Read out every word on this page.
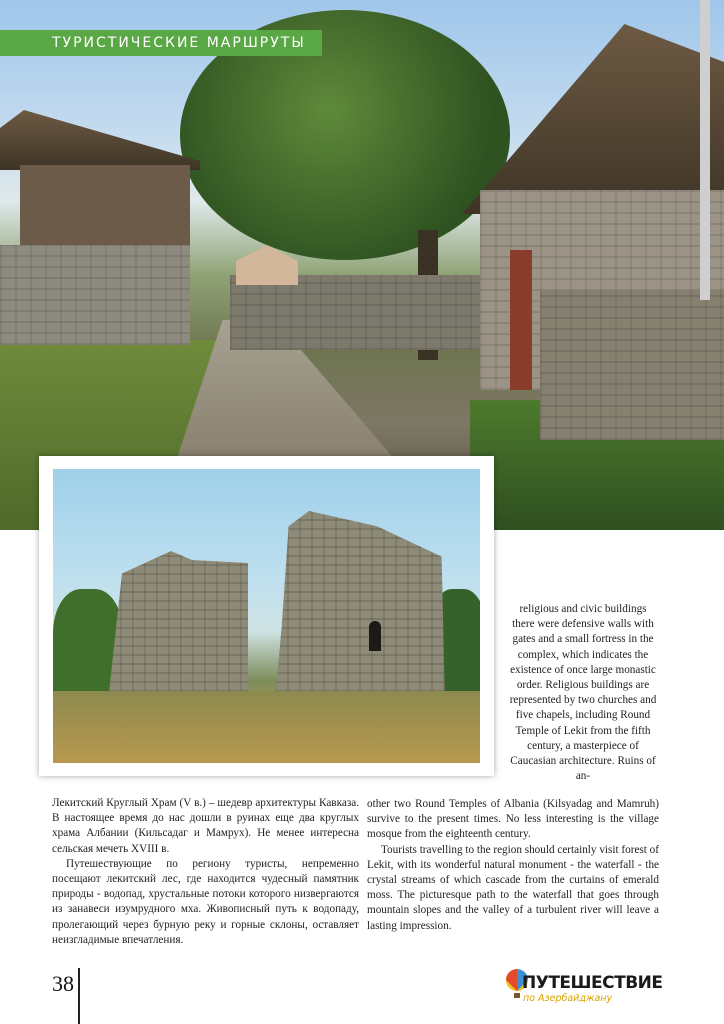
ТУРИСТИЧЕСКИЕ МАРШРУТЫ

religious and civic buildings there were defensive walls with gates and a small fortress in the complex, which indicates the existence of once large monastic order. Religious buildings are represented by two churches and five chapels, including Round Temple of Lekit from the fifth century, a masterpiece of Caucasian architecture. Ruins of an-

Лекитский Круглый Храм (V в.) – шедевр архитектуры Кавказа. В настоящее время до нас дошли в руинах еще два круглых храма Албании (Кильсадаг и Мамрух). Не менее интересна сельская мечеть XVIII в.

Путешествующие по региону туристы, непременно посещают лекитский лес, где находится чудесный памятник природы - водопад, хрустальные потоки которого низвергаются из занавеси изумрудного мха. Живописный путь к водопаду, пролегающий через бурную реку и горные склоны, оставляет неизгладимые впечатления.

other two Round Temples of Albania (Kilsyadag and Mamruh) survive to the present times. No less interesting is the village mosque from the eighteenth century.

Tourists travelling to the region should certainly visit forest of Lekit, with its wonderful natural monument - the waterfall - the crystal streams of which cascade from the curtains of emerald moss. The picturesque path to the waterfall that goes through mountain slopes and the valley of a turbulent river will leave a lasting impression.

38	ПУТЕШЕСТВИЕ
по Азербайджану
